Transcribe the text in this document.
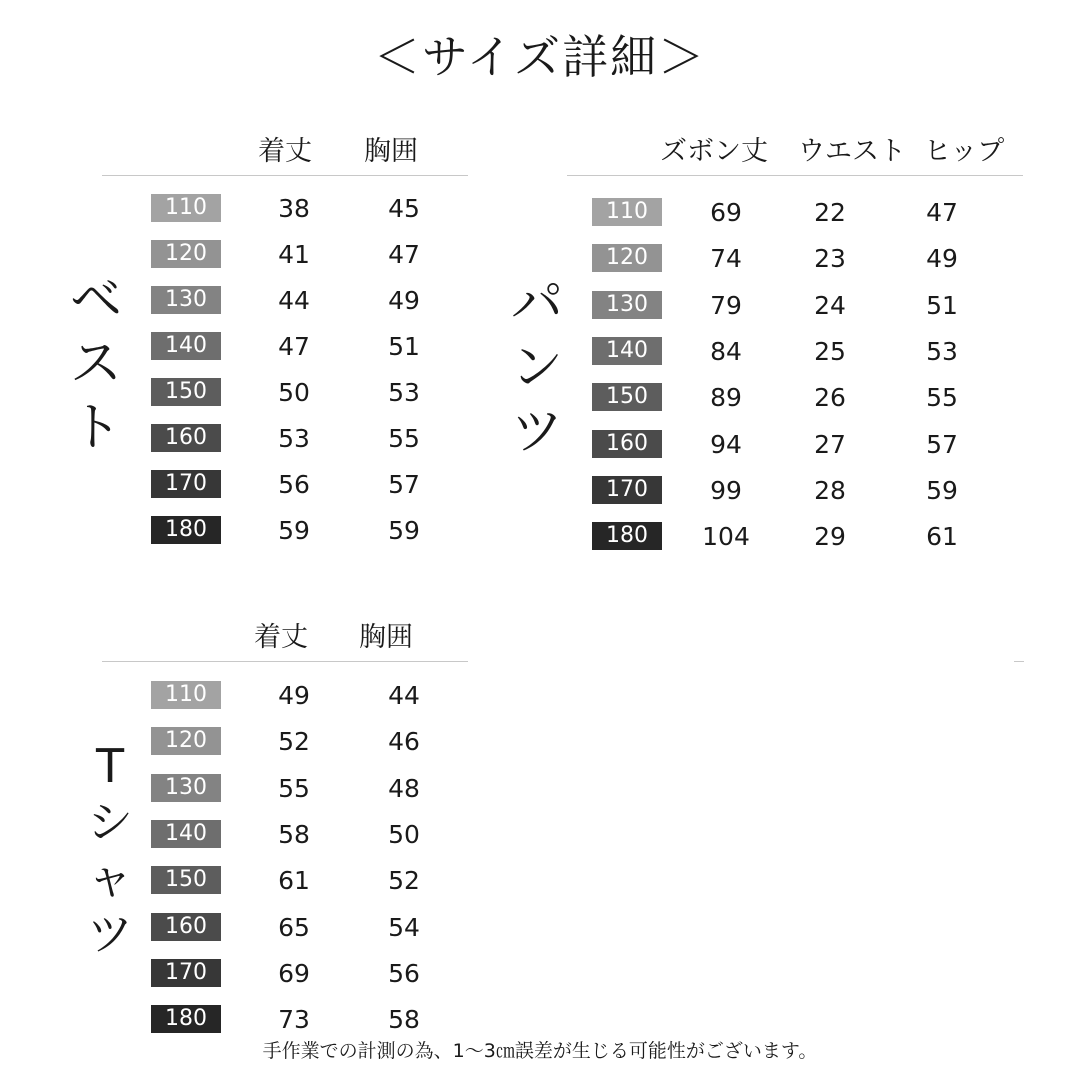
＜サイズ詳細＞
着丈 胸囲
ベ
ス
ト
110	38	45
120	41	47
130	44	49
140	47	51
150	50	53
160	53	55
170	56	57
180	59	59
ズボン丈 ウエスト ヒップ
パ
ン
ツ
110	69	22	47
120	74	23	49
130	79	24	51
140	84	25	53
150	89	26	55
160	94	27	57
170	99	28	59
180	104	29	61
着丈 胸囲
T
シ
ャ
ツ
110	49	44
120	52	46
130	55	48
140	58	50
150	61	52
160	65	54
170	69	56
180	73	58
手作業での計測の為、1～3㎝誤差が生じる可能性がございます。
